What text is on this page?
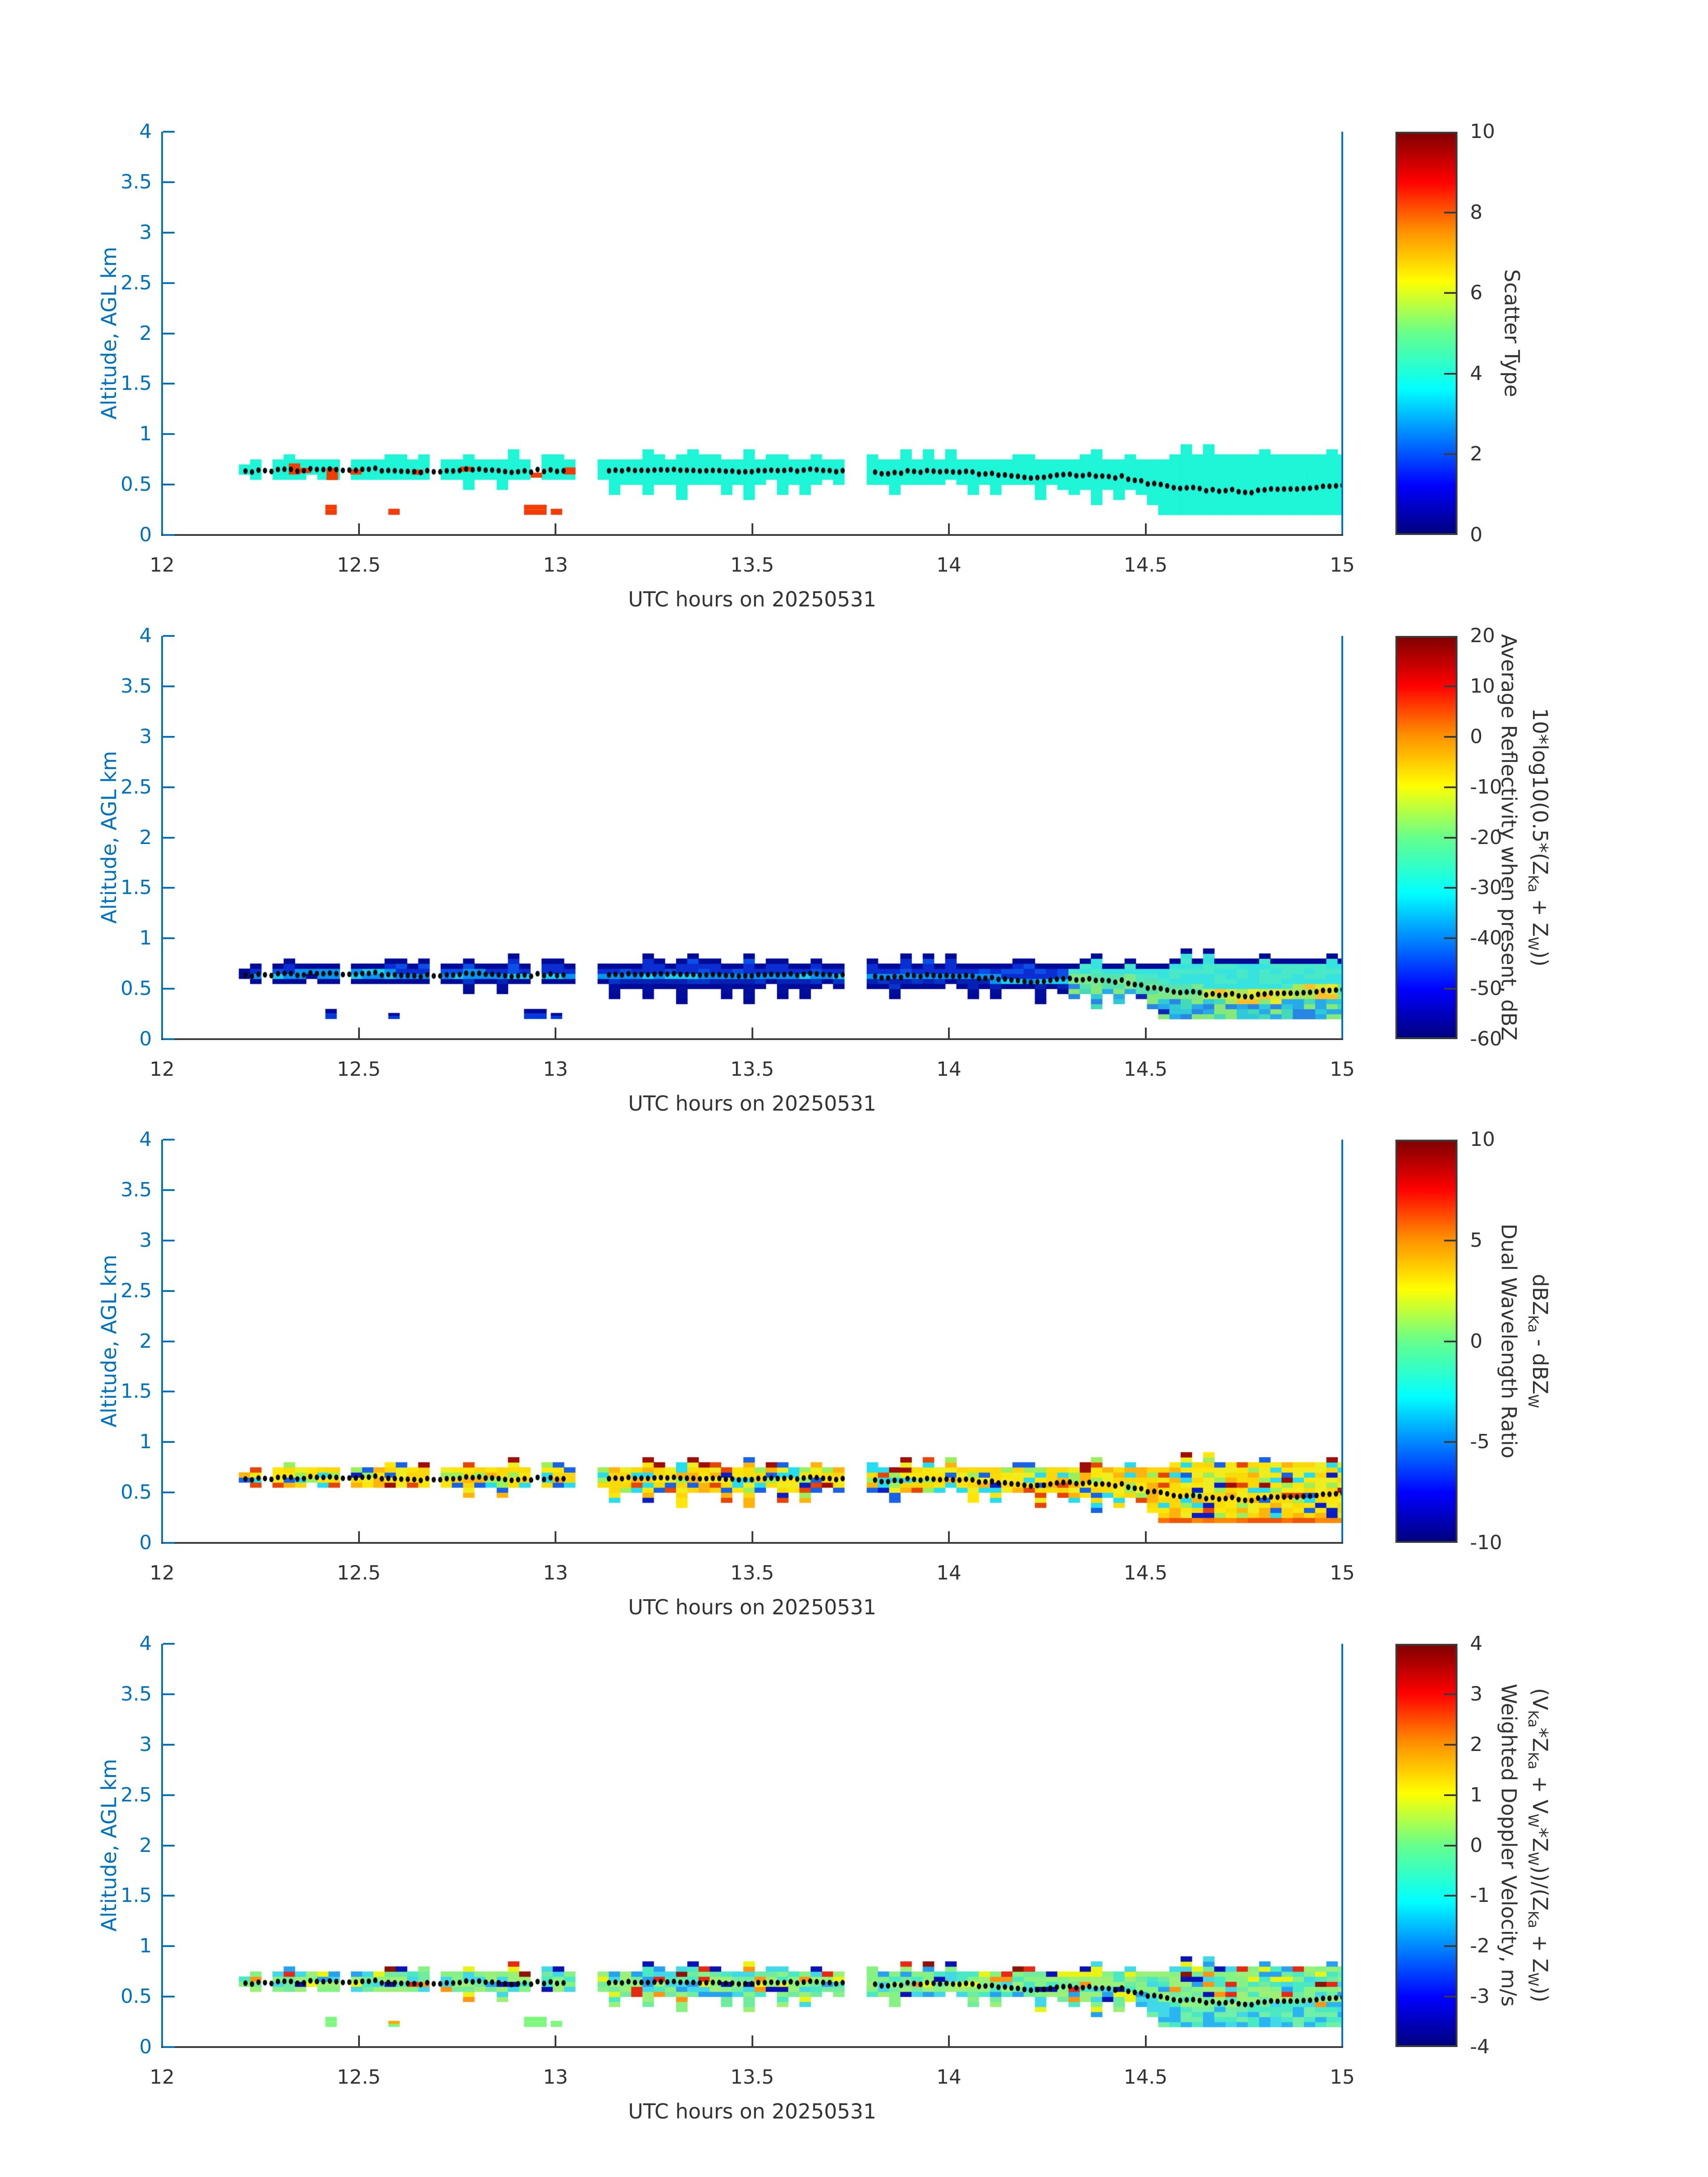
Altitude, AGL km
UTC hours on 20250531
Scatter Type
0
0.5
1
1.5
2
2.5
3
3.5
4
12	12.5	13	13.5	14	14.5	15
0
2
4
6
8
10
Altitude, AGL km
UTC hours on 20250531
$10*\log 10(0.5*(Z_{Ka} + Z_W))$
Average Reflectivity when present, dBZ
0
0.5
1
1.5
2
2.5
3
3.5
4
12	12.5	13	13.5	14	14.5	15
-60
-50
-40
-30
-20
-10
0
10
20
Altitude, AGL km
UTC hours on 20250531
dBZ$_{Ka}$ - dBZ$_W$
Dual Wavelength Ratio
0
0.5
1
1.5
2
2.5
3
3.5
4
12	12.5	13	13.5	14	14.5	15
-10
-5
0
5
10
Altitude, AGL km
UTC hours on 20250531
$(V_{Ka}*Z_{Ka} + V_W*Z_W))/(Z_{Ka} + Z_W)$)
Weighted Doppler Velocity, m/s
0
0.5
1
1.5
2
2.5
3
3.5
4
12	12.5	13	13.5	14	14.5	15
-4
-3
-2
-1
0
1
2
3
4
